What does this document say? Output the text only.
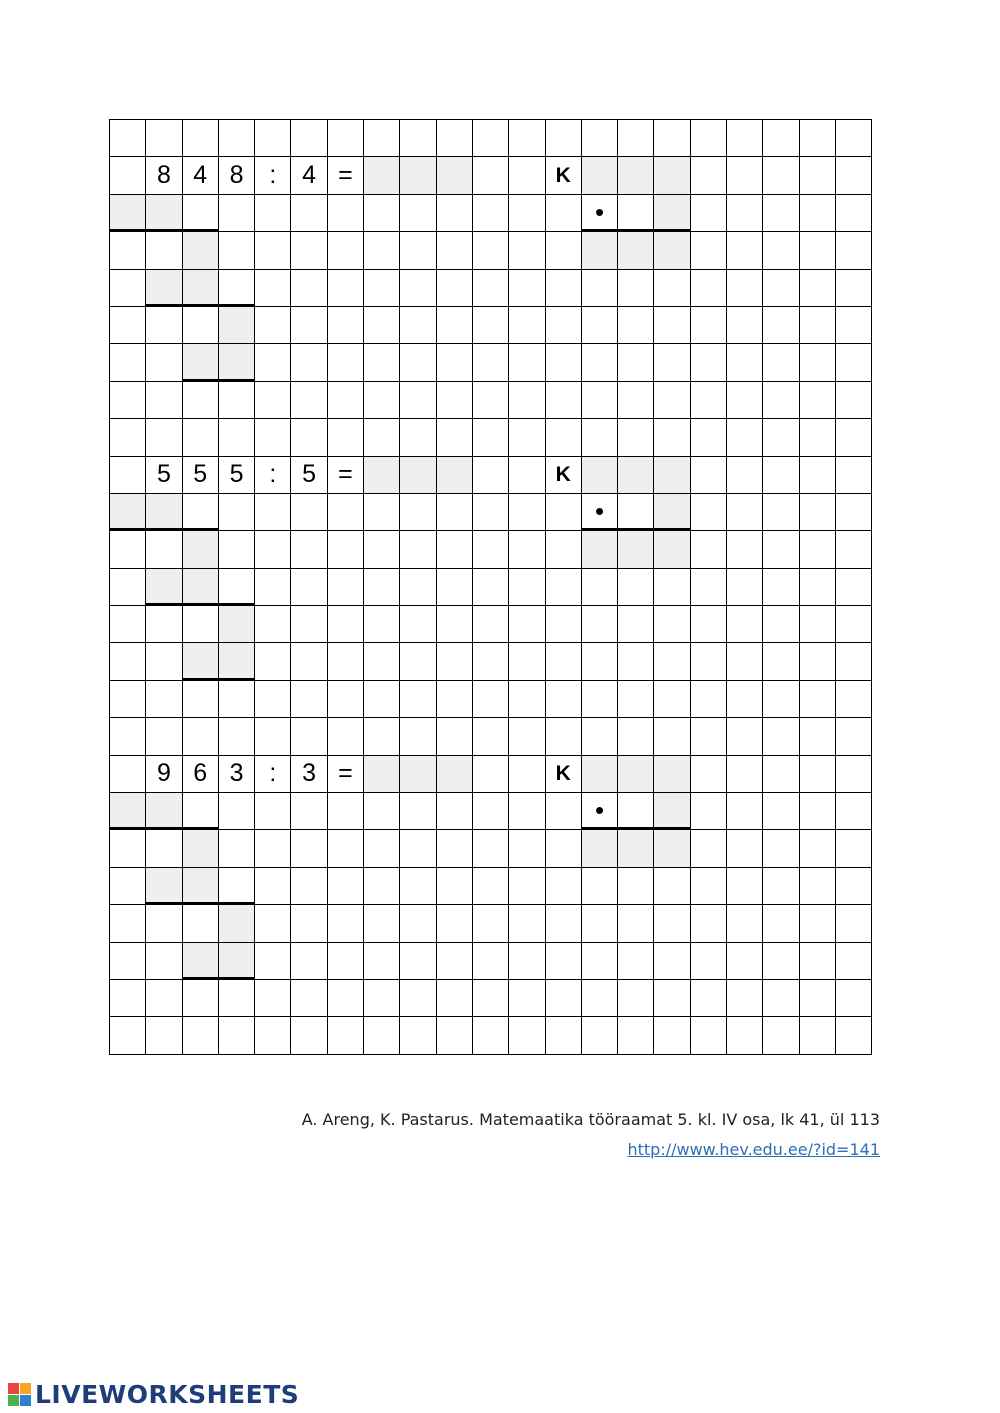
8 4 8	:	4 =	K
•
5 5 5	:	5 =	K
•
9 6 3	:	3 =	K
•
A. Areng, K. Pastarus. Matemaatika tööraamat 5. kl. IV osa, lk 41, ül 113
http://www.hev.edu.ee/?id=141
LIVEWORKSHEETS
